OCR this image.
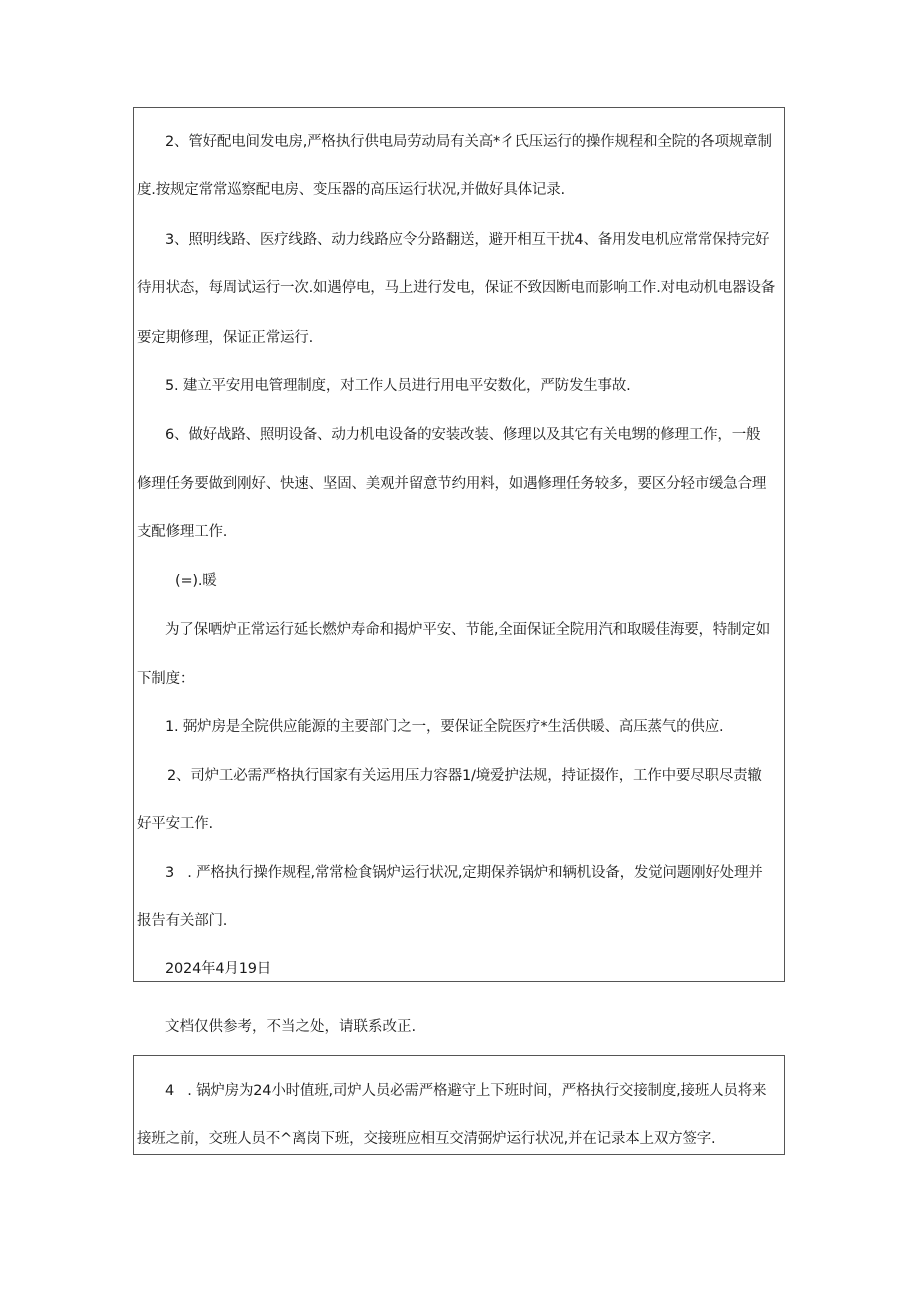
2、管好配电间发电房,严格执行供电局劳动局有关高*彳氏压运行的操作规程和全院的各项规章制

度.按规定常常巡察配电房、变压器的高压运行状况,并做好具体记录.

3、照明线路、医疗线路、动力线路应令分路翻送，避开相互干扰4、备用发电机应常常保持完好

待用状态，每周试运行一次.如遇停电，马上进行发电，保证不致因断电而影响工作.对电动机电器设备

要定期修理，保证正常运行.

5. 建立平安用电管理制度，对工作人员进行用电平安数化，严防发生事故.

6、做好战路、照明设备、动力机电设备的安装改装、修理以及其它有关电甥的修理工作，一般

修理任务要做到刚好、快速、坚固、美观并留意节约用料，如遇修理任务较多，要区分轻市缓急合理

支配修理工作.

(=).暖

为了保哂炉正常运行延长燃炉寿命和揭炉平安、节能,全面保证全院用汽和取暖佳海要，特制定如

下制度：

1. 弼炉房是全院供应能源的主要部门之一，要保证全院医疗*生活供暖、高压蒸气的供应.

2、司炉工必需严格执行国家有关运用压力容器1/境爱护法规，持证掇作，工作中要尽职尽责辙

好平安工作.

3   . 严格执行操作规程,常常检食锅炉运行状况,定期保养锅炉和辆机设备，发觉问题刚好处理并

报告有关部门.

2024年4月19日

文档仅供参考，不当之处，请联系改正.

4   . 锅炉房为24小时值班,司炉人员必需严格避守上下班时间，严格执行交接制度,接班人员将来

接班之前，交班人员不^离岗下班，交接班应相互交清弼炉运行状况,并在记录本上双方签字.
